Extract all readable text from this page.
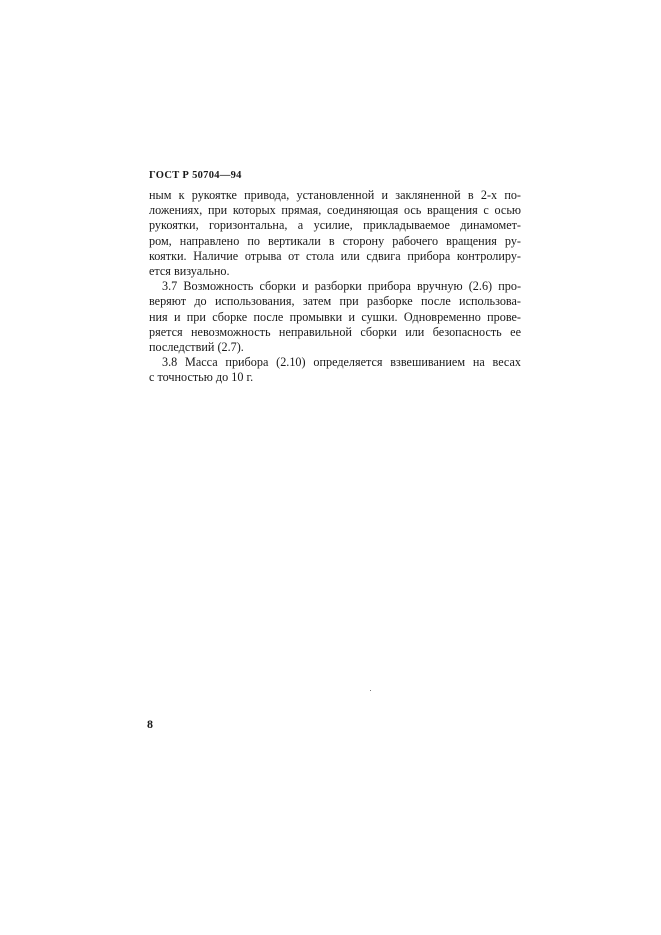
ГОСТ Р 50704—94
ным к рукоятке привода, установленной и закляненной в 2-х по-
ложениях, при которых прямая, соединяющая ось вращения с осью
рукоятки, горизонтальна, а усилие, прикладываемое динамомет-
ром, направлено по вертикали в сторону рабочего вращения ру-
коятки. Наличие отрыва от стола или сдвига прибора контролиру-
ется визуально.
3.7 Возможность сборки и разборки прибора вручную (2.6) про-
веряют до использования, затем при разборке после использова-
ния и при сборке после промывки и сушки. Одновременно прове-
ряется невозможность неправильной сборки или безопасность ее
последствий (2.7).
3.8 Масса прибора (2.10) определяется взвешиванием на весах
с точностью до 10 г.
8
